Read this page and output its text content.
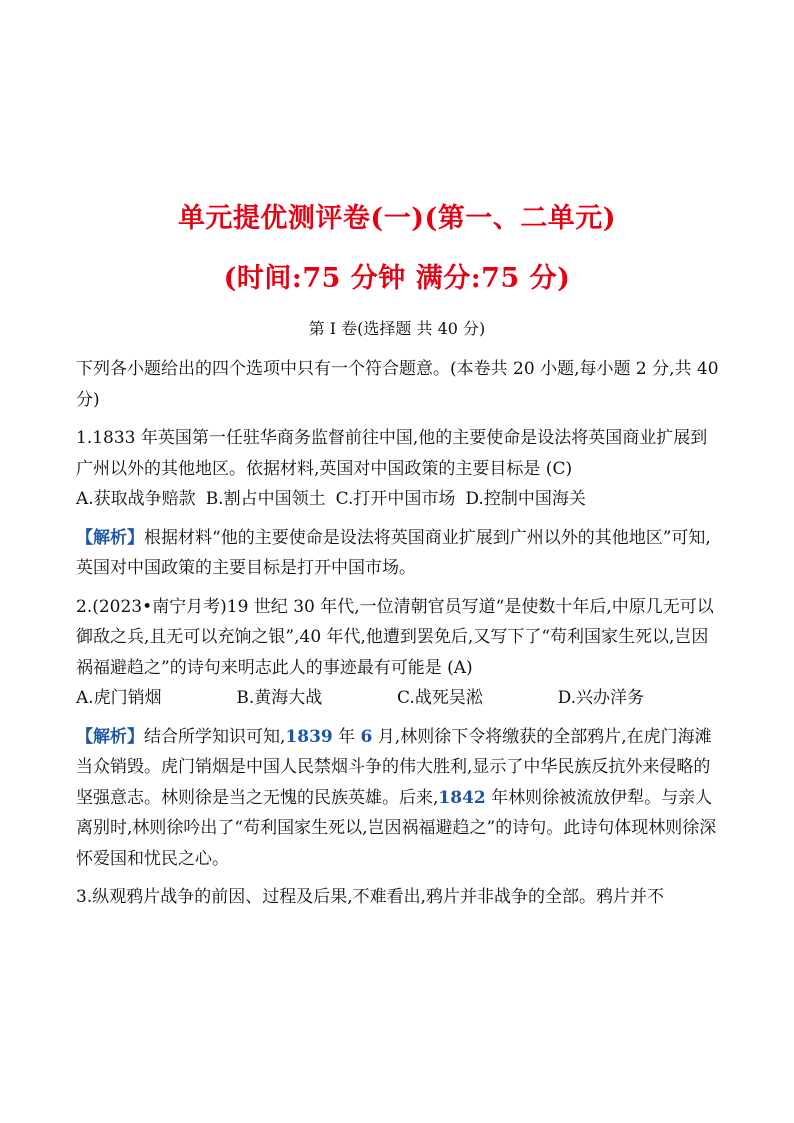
单元提优测评卷(一)(第一、二单元)
(时间:75 分钟 满分:75 分)
第 I 卷(选择题 共 40 分)

下列各小题给出的四个选项中只有一个符合题意。(本卷共 20 小题,每小题 2 分,共 40 分)

1.1833 年英国第一任驻华商务监督前往中国,他的主要使命是设法将英国商业扩展到广州以外的其他地区。依据材料,英国对中国政策的主要目标是 (C)

A.获取战争赔款 B.割占中国领土 C.打开中国市场 D.控制中国海关

【解析】根据材料“他的主要使命是设法将英国商业扩展到广州以外的其他地区”可知,英国对中国政策的主要目标是打开中国市场。

2.(2023•南宁月考)19 世纪 30 年代,一位清朝官员写道“是使数十年后,中原几无可以御敌之兵,且无可以充饷之银”,40 年代,他遭到罢免后,又写下了“苟利国家生死以,岂因祸福避趋之”的诗句来明志此人的事迹最有可能是 (A)

A.虎门销烟	B.黄海大战	C.战死吴淞	D.兴办洋务

【解析】结合所学知识可知,1839 年 6 月,林则徐下令将缴获的全部鸦片,在虎门海滩当众销毁。虎门销烟是中国人民禁烟斗争的伟大胜利,显示了中华民族反抗外来侵略的坚强意志。林则徐是当之无愧的民族英雄。后来,1842 年林则徐被流放伊犁。与亲人离别时,林则徐吟出了“苟利国家生死以,岂因祸福避趋之”的诗句。此诗句体现林则徐深怀爱国和忧民之心。

3.纵观鸦片战争的前因、过程及后果,不难看出,鸦片并非战争的全部。鸦片并不
